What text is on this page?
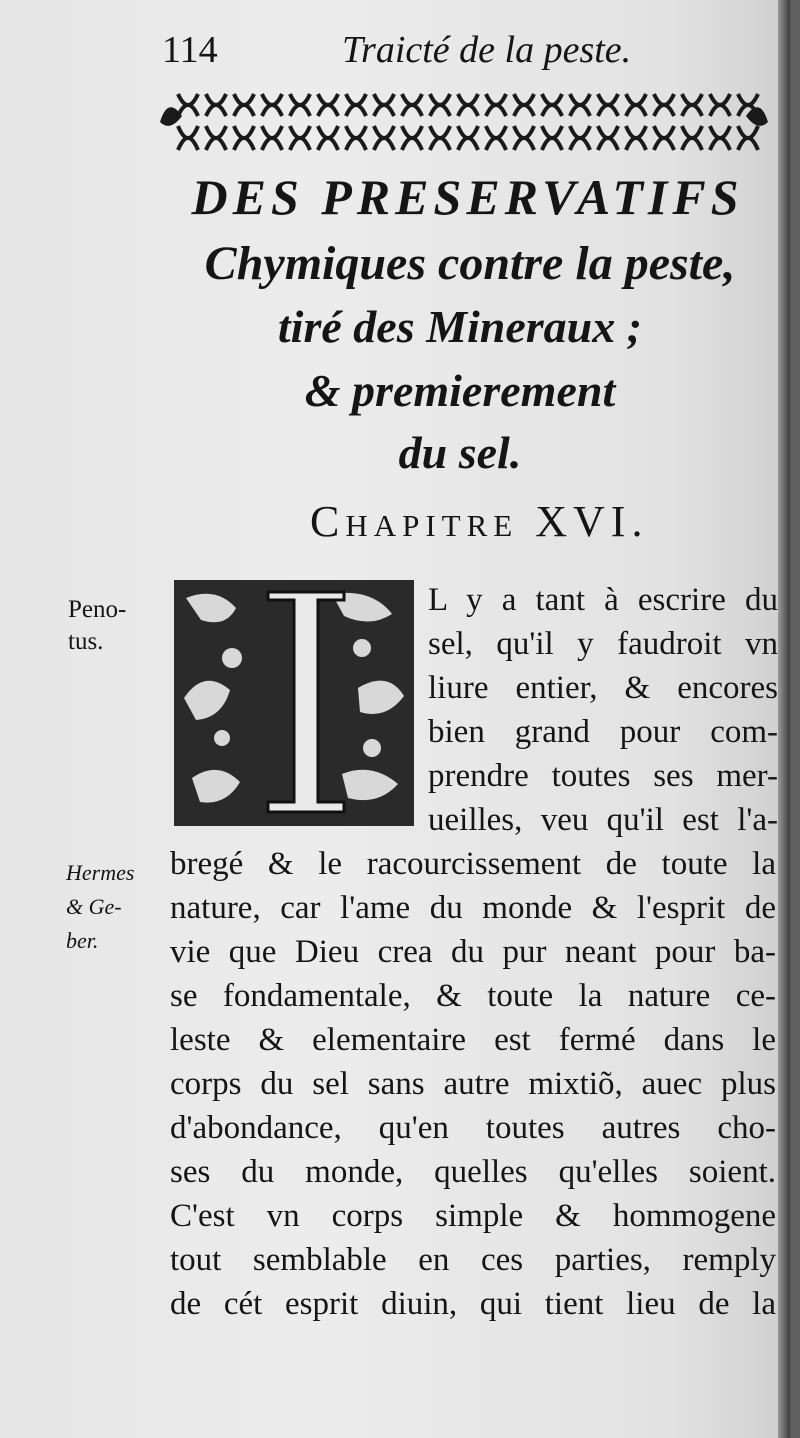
114	Traicté de la peste.
DES PRESERVATIFS
Chymiques contre la peste,
tiré des Mineraux ;
& premierement
du sel.
Chapitre XVI.
Peno-
tus.
Hermes
& Ge-
ber.
L y a tant à escrire du
sel, qu'il y faudroit vn
liure entier, & encores
bien grand pour com-
prendre toutes ses mer-
ueilles, veu qu'il est l'a-
bregé & le racourcissement de toute la
nature, car l'ame du monde & l'esprit de
vie que Dieu crea du pur neant pour ba-
se fondamentale, & toute la nature ce-
leste & elementaire est fermé dans le
corps du sel sans autre mixtiõ, auec plus
d'abondance, qu'en toutes autres cho-
ses du monde, quelles qu'elles soient.
C'est vn corps simple & hommogene
tout semblable en ces parties, remply
de cét esprit diuin, qui tient lieu de la
